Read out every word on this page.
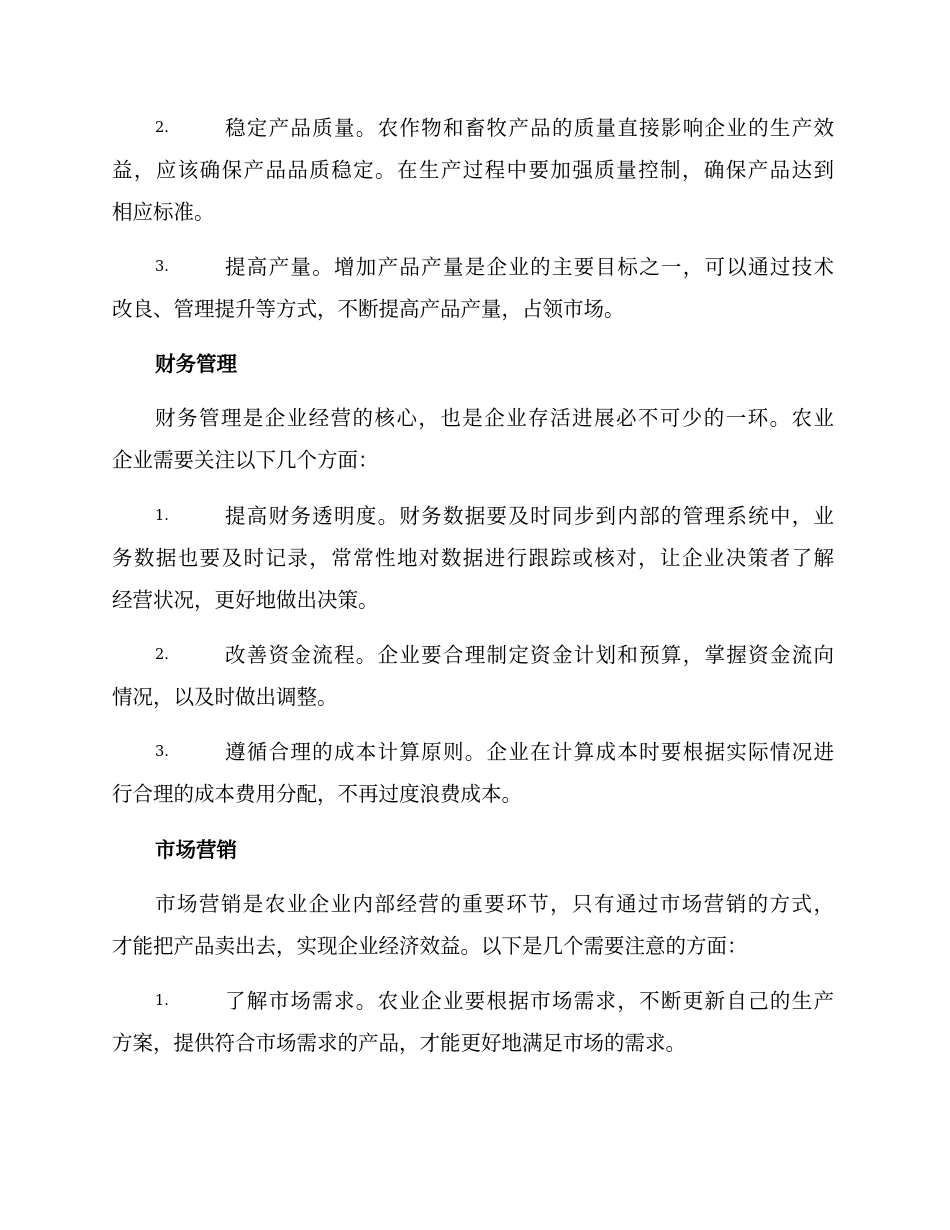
2.	稳定产品质量。农作物和畜牧产品的质量直接影响企业的生产效
益，应该确保产品品质稳定。在生产过程中要加强质量控制，确保产品达到
相应标准。
3.	提高产量。增加产品产量是企业的主要目标之一，可以通过技术
改良、管理提升等方式，不断提高产品产量，占领市场。
财务管理
财务管理是企业经营的核心，也是企业存活进展必不可少的一环。农业
企业需要关注以下几个方面：
1.	提高财务透明度。财务数据要及时同步到内部的管理系统中，业
务数据也要及时记录，常常性地对数据进行跟踪或核对，让企业决策者了解
经营状况，更好地做出决策。
2.	改善资金流程。企业要合理制定资金计划和预算，掌握资金流向
情况，以及时做出调整。
3.	遵循合理的成本计算原则。企业在计算成本时要根据实际情况进
行合理的成本费用分配，不再过度浪费成本。
市场营销
市场营销是农业企业内部经营的重要环节，只有通过市场营销的方式，
才能把产品卖出去，实现企业经济效益。以下是几个需要注意的方面：
1.	了解市场需求。农业企业要根据市场需求，不断更新自己的生产
方案，提供符合市场需求的产品，才能更好地满足市场的需求。
